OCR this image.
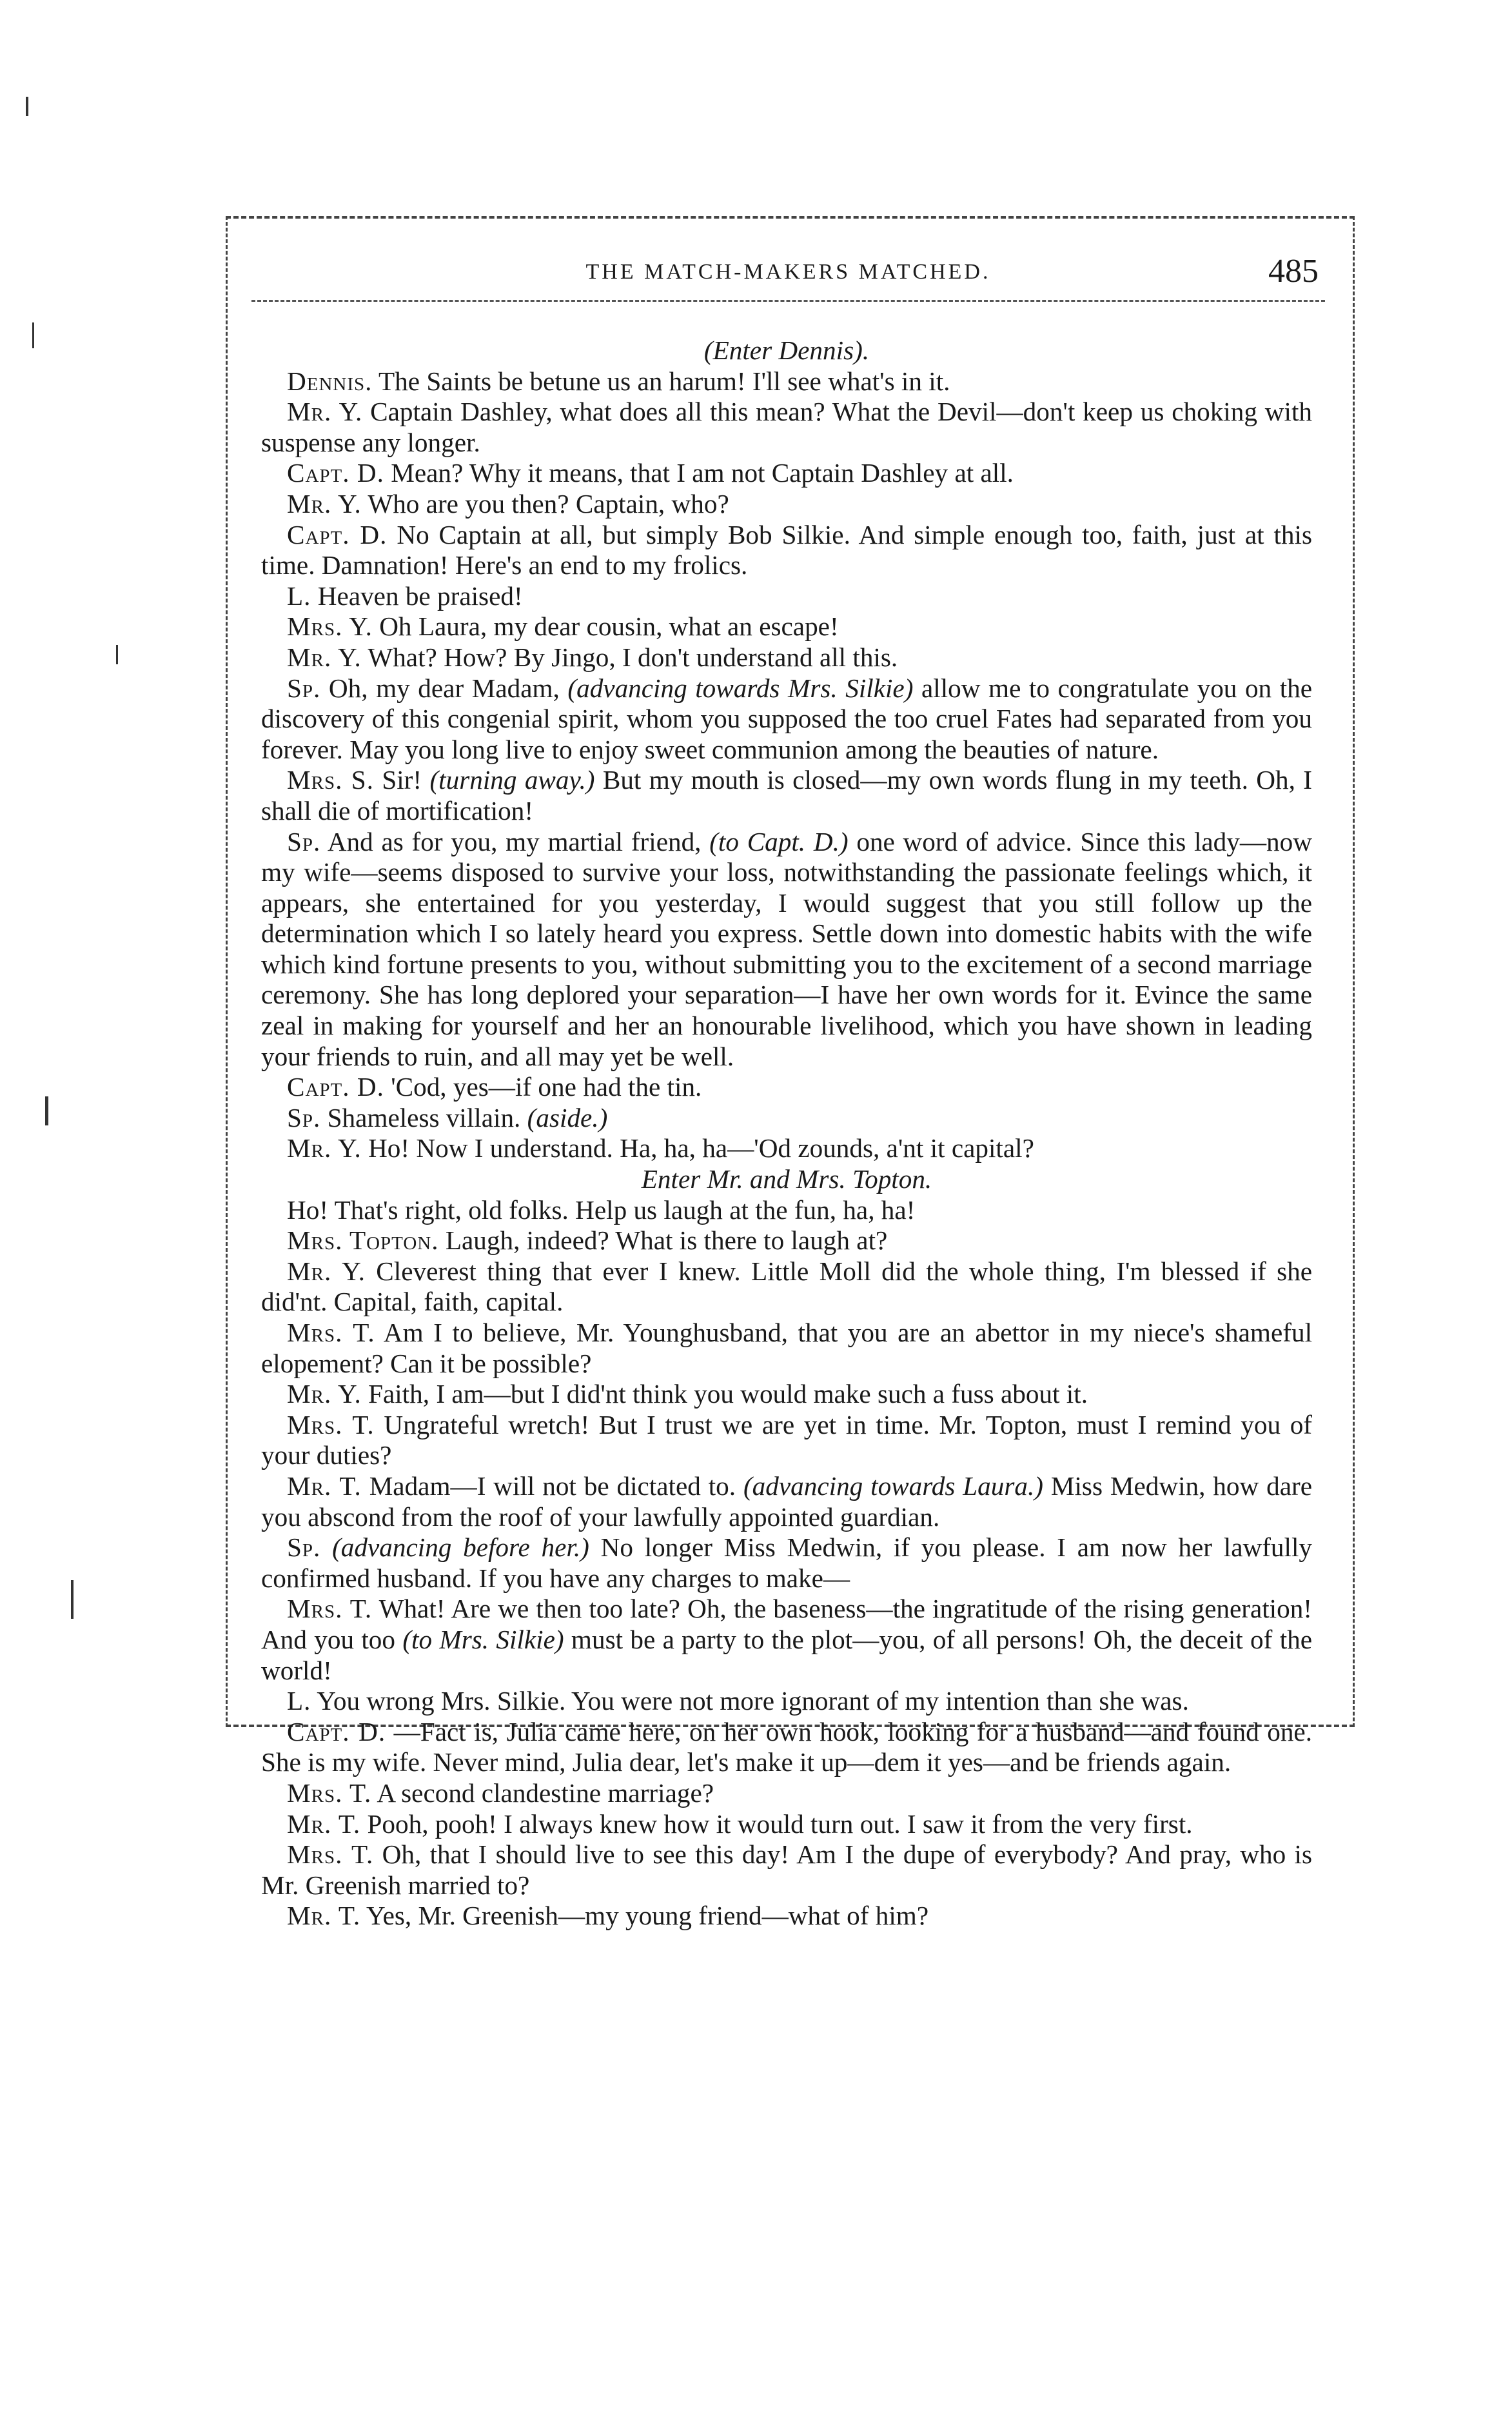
THE MATCH-MAKERS MATCHED.	485

(Enter Dennis).

Dennis. The Saints be betune us an harum! I'll see what's in it.

Mr. Y. Captain Dashley, what does all this mean? What the Devil—don't keep us choking with suspense any longer.

Capt. D. Mean? Why it means, that I am not Captain Dashley at all.

Mr. Y. Who are you then? Captain, who?

Capt. D. No Captain at all, but simply Bob Silkie. And simple enough too, faith, just at this time. Damnation! Here's an end to my frolics.

L. Heaven be praised!

Mrs. Y. Oh Laura, my dear cousin, what an escape!

Mr. Y. What? How? By Jingo, I don't understand all this.

Sp. Oh, my dear Madam, (advancing towards Mrs. Silkie) allow me to congratulate you on the discovery of this congenial spirit, whom you supposed the too cruel Fates had separated from you forever. May you long live to enjoy sweet communion among the beauties of nature.

Mrs. S. Sir! (turning away.) But my mouth is closed—my own words flung in my teeth. Oh, I shall die of mortification!

Sp. And as for you, my martial friend, (to Capt. D.) one word of advice. Since this lady—now my wife—seems disposed to survive your loss, notwithstanding the passionate feelings which, it appears, she entertained for you yesterday, I would suggest that you still follow up the determination which I so lately heard you express. Settle down into domestic habits with the wife which kind fortune presents to you, without submitting you to the excitement of a second marriage ceremony. She has long deplored your separation—I have her own words for it. Evince the same zeal in making for yourself and her an honourable livelihood, which you have shown in leading your friends to ruin, and all may yet be well.

Capt. D. 'Cod, yes—if one had the tin.

Sp. Shameless villain. (aside.)

Mr. Y. Ho! Now I understand. Ha, ha, ha—'Od zounds, a'nt it capital?

Enter Mr. and Mrs. Topton.

Ho! That's right, old folks. Help us laugh at the fun, ha, ha!

Mrs. Topton. Laugh, indeed? What is there to laugh at?

Mr. Y. Cleverest thing that ever I knew. Little Moll did the whole thing, I'm blessed if she did'nt. Capital, faith, capital.

Mrs. T. Am I to believe, Mr. Younghusband, that you are an abettor in my niece's shameful elopement? Can it be possible?

Mr. Y. Faith, I am—but I did'nt think you would make such a fuss about it.

Mrs. T. Ungrateful wretch! But I trust we are yet in time. Mr. Topton, must I remind you of your duties?

Mr. T. Madam—I will not be dictated to. (advancing towards Laura.) Miss Medwin, how dare you abscond from the roof of your lawfully appointed guardian.

Sp. (advancing before her.) No longer Miss Medwin, if you please. I am now her lawfully confirmed husband. If you have any charges to make—

Mrs. T. What! Are we then too late? Oh, the baseness—the ingratitude of the rising generation! And you too (to Mrs. Silkie) must be a party to the plot—you, of all persons! Oh, the deceit of the world!

L. You wrong Mrs. Silkie. You were not more ignorant of my intention than she was.

Capt. D. —Fact is, Julia came here, on her own hook, looking for a husband—and found one. She is my wife. Never mind, Julia dear, let's make it up—dem it yes—and be friends again.

Mrs. T. A second clandestine marriage?

Mr. T. Pooh, pooh! I always knew how it would turn out. I saw it from the very first.

Mrs. T. Oh, that I should live to see this day! Am I the dupe of everybody? And pray, who is Mr. Greenish married to?

Mr. T. Yes, Mr. Greenish—my young friend—what of him?
